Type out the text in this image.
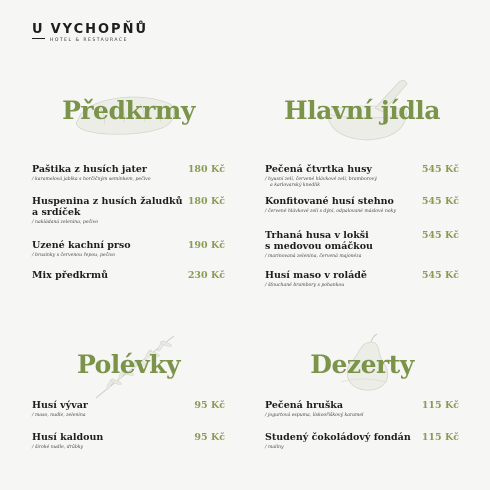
U VYCHOPŇŮ
HOTEL & RESTAURACE
Předkrmy
Paštika z husích jater
/ karamelová jablka s horčičným semínkem, pečivo
180 Kč
Huspenina z husích žaludků
a srdíček
/ nakládaná zelenina, pečivo
180 Kč
Uzené kachní prso
/ brusinky s červenou řepou, pečivo
190 Kč
Mix předkrmů	230 Kč
Hlavní jídla
Pečená čtvrtka husy
/ hyusní zelí, červené hlávkové zelí, bramborový
a karlovarský knedlík
545 Kč
Konfitované husí stehno
/ červené hlávkové zelí s dýní, odpalované máslové noky
545 Kč
Trhaná husa v lokši
s medovou omáčkou
/ marinovaná zelenina, červená majonéza
545 Kč
Husí maso v roládě
/ šťouchané brambory s pohankou
545 Kč
Polévky
Husí vývar
/ maso, nudle, zelenina
95 Kč
Husí kaldoun
/ široké nudle, drůbky
95 Kč
Dezerty
Pečená hruška
/ jogurtová espuma, lískooříškový karamel
115 Kč
Studený čokoládový fondán
/ maliny
115 Kč
